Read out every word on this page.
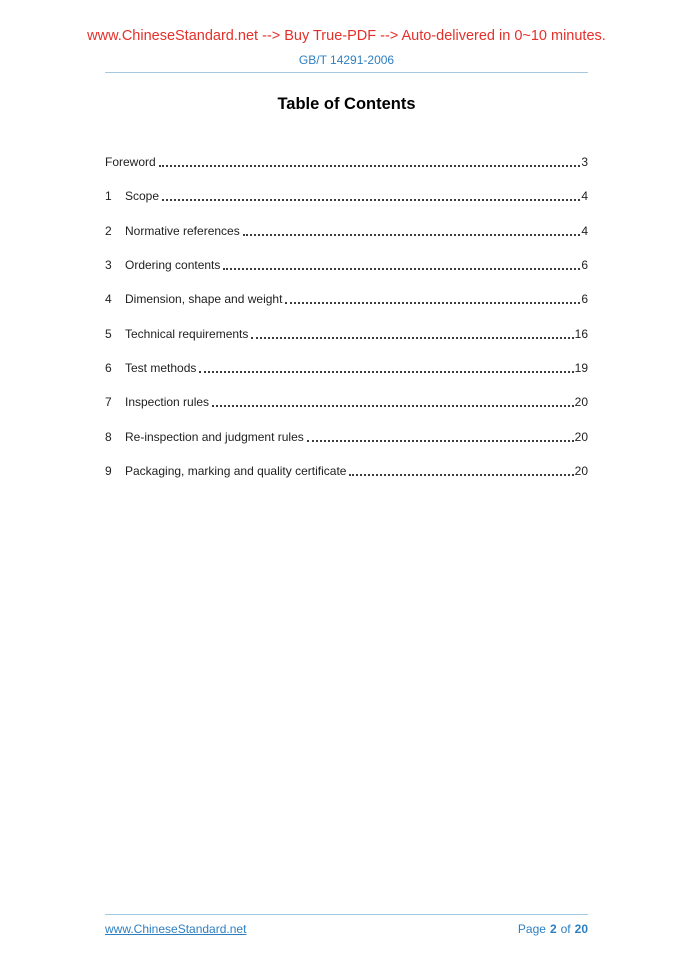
www.ChineseStandard.net --> Buy True-PDF --> Auto-delivered in 0~10 minutes.
GB/T 14291-2006
Table of Contents
Foreword	3
1	Scope	4
2	Normative references	4
3	Ordering contents	6
4	Dimension, shape and weight	6
5	Technical requirements	16
6	Test methods	19
7	Inspection rules	20
8	Re-inspection and judgment rules	20
9	Packaging, marking and quality certificate	20
www.ChineseStandard.net	Page 2 of 20
